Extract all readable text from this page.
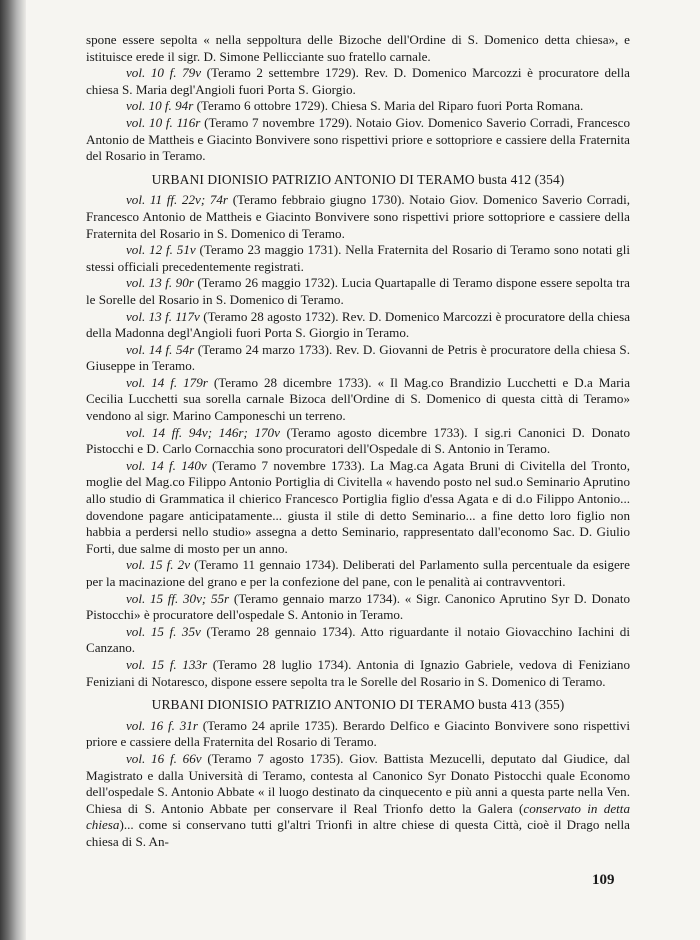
spone essere sepolta « nella seppoltura delle Bizoche dell'Ordine di S. Domenico detta chiesa», e istituisce erede il sigr. D. Simone Pellicciante suo fratello carnale.

vol. 10 f. 79v (Teramo 2 settembre 1729). Rev. D. Domenico Marcozzi è procuratore della chiesa S. Maria degl'Angioli fuori Porta S. Giorgio.

vol. 10 f. 94r (Teramo 6 ottobre 1729). Chiesa S. Maria del Riparo fuori Porta Romana.

vol. 10 f. 116r (Teramo 7 novembre 1729). Notaio Giov. Domenico Saverio Corradi, Francesco Antonio de Mattheis e Giacinto Bonvivere sono rispettivi priore e sottopriore e cassiere della Fraternita del Rosario in Teramo.

URBANI DIONISIO PATRIZIO ANTONIO DI TERAMO busta 412 (354)

vol. 11 ff. 22v; 74r (Teramo febbraio giugno 1730). Notaio Giov. Domenico Saverio Corradi, Francesco Antonio de Mattheis e Giacinto Bonvivere sono rispettivi priore sottopriore e cassiere della Fraternita del Rosario in S. Domenico di Teramo.

vol. 12 f. 51v (Teramo 23 maggio 1731). Nella Fraternita del Rosario di Teramo sono notati gli stessi officiali precedentemente registrati.

vol. 13 f. 90r (Teramo 26 maggio 1732). Lucia Quartapalle di Teramo dispone essere sepolta tra le Sorelle del Rosario in S. Domenico di Teramo.

vol. 13 f. 117v (Teramo 28 agosto 1732). Rev. D. Domenico Marcozzi è procuratore della chiesa della Madonna degl'Angioli fuori Porta S. Giorgio in Teramo.

vol. 14 f. 54r (Teramo 24 marzo 1733). Rev. D. Giovanni de Petris è procuratore della chiesa S. Giuseppe in Teramo.

vol. 14 f. 179r (Teramo 28 dicembre 1733). « Il Mag.co Brandizio Lucchetti e D.a Maria Cecilia Lucchetti sua sorella carnale Bizoca dell'Ordine di S. Domenico di questa città di Teramo» vendono al sigr. Marino Camponeschi un terreno.

vol. 14 ff. 94v; 146r; 170v (Teramo agosto dicembre 1733). I sig.ri Canonici D. Donato Pistocchi e D. Carlo Cornacchia sono procuratori dell'Ospedale di S. Antonio in Teramo.

vol. 14 f. 140v (Teramo 7 novembre 1733). La Mag.ca Agata Bruni di Civitella del Tronto, moglie del Mag.co Filippo Antonio Portiglia di Civitella « havendo posto nel sud.o Seminario Aprutino allo studio di Grammatica il chierico Francesco Portiglia figlio d'essa Agata e di d.o Filippo Antonio... dovendone pagare anticipatamente... giusta il stile di detto Seminario... a fine detto loro figlio non habbia a perdersi nello studio» assegna a detto Seminario, rappresentato dall'economo Sac. D. Giulio Forti, due salme di mosto per un anno.

vol. 15 f. 2v (Teramo 11 gennaio 1734). Deliberati del Parlamento sulla percentuale da esigere per la macinazione del grano e per la confezione del pane, con le penalità ai contravventori.

vol. 15 ff. 30v; 55r (Teramo gennaio marzo 1734). « Sigr. Canonico Aprutino Syr D. Donato Pistocchi» è procuratore dell'ospedale S. Antonio in Teramo.

vol. 15 f. 35v (Teramo 28 gennaio 1734). Atto riguardante il notaio Giovacchino Iachini di Canzano.

vol. 15 f. 133r (Teramo 28 luglio 1734). Antonia di Ignazio Gabriele, vedova di Feniziano Feniziani di Notaresco, dispone essere sepolta tra le Sorelle del Rosario in S. Domenico di Teramo.

URBANI DIONISIO PATRIZIO ANTONIO DI TERAMO busta 413 (355)

vol. 16 f. 31r (Teramo 24 aprile 1735). Berardo Delfico e Giacinto Bonvivere sono rispettivi priore e cassiere della Fraternita del Rosario di Teramo.

vol. 16 f. 66v (Teramo 7 agosto 1735). Giov. Battista Mezucelli, deputato dal Giudice, dal Magistrato e dalla Università di Teramo, contesta al Canonico Syr Donato Pistocchi quale Economo dell'ospedale S. Antonio Abbate « il luogo destinato da cinquecento e più anni a questa parte nella Ven. Chiesa di S. Antonio Abbate per conservare il Real Trionfo detto la Galera (conservato in detta chiesa)... come si conservano tutti gl'altri Trionfi in altre chiese di questa Città, cioè il Drago nella chiesa di S. An-

109
